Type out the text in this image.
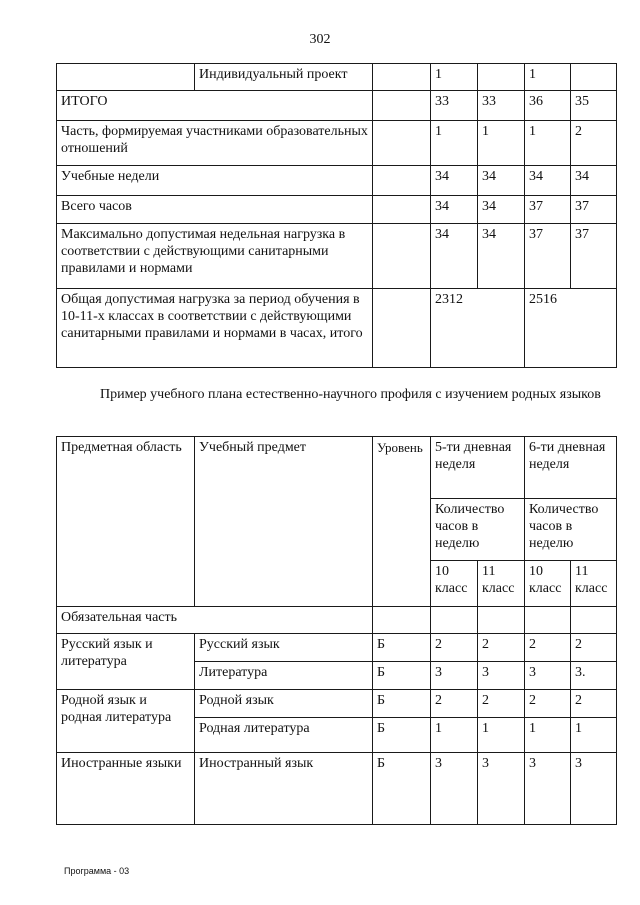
302
	Индивидуальный проект		1		1	
ИТОГО			33	33	36	35
Часть, формируемая участниками образовательных отношений			1	1	1	2
Учебные недели			34	34	34	34
Всего часов			34	34	37	37
Максимально допустимая недельная нагрузка в соответствии с действующими санитарными правилами и нормами			34	34	37	37
Общая допустимая нагрузка за период обучения в 10-11-х классах в соответствии с действующими санитарными правилами и нормами в часах, итого			2312		2516	
Пример учебного плана естественно-научного профиля с изучением родных языков
Предметная область	Учебный предмет	Уровень	5-ти дневная неделя		6-ти дневная неделя	
			Количество часов в неделю		Количество часов в неделю	
			10 класс	11 класс	10 класс	11 класс
Обязательная часть						
Русский язык и литература	Русский язык	Б	2	2	2	2
	Литература	Б	3	3	3	3.
Родной язык и родная литература	Родной язык	Б	2	2	2	2
	Родная литература	Б	1	1	1	1
Иностранные языки	Иностранный язык	Б	3	3	3	3
Программа - 03
